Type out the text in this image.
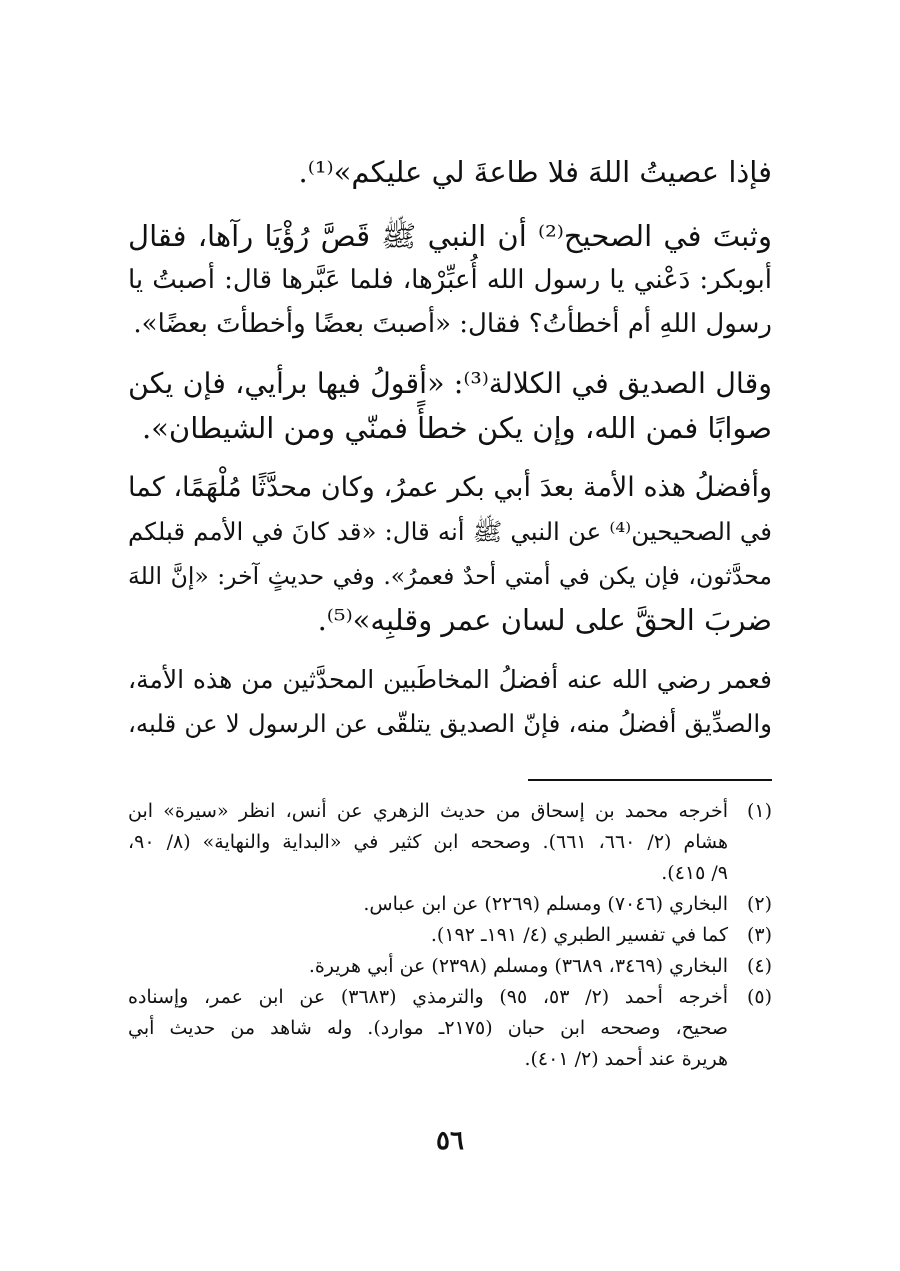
فإذا عصيتُ اللهَ فلا طاعةَ لي عليكم»⁽¹⁾.
وثبتَ في الصحيح⁽²⁾ أن النبي ﷺ قَصَّ رُؤْيَا رآها، فقال
أبوبكر: دَعْني يا رسول الله أُعبِّرْها، فلما عَبَّرها قال: أصبتُ يا
رسول اللهِ أم أخطأتُ؟ فقال: «أصبتَ بعضًا وأخطأتَ بعضًا».
وقال الصديق في الكلالة⁽³⁾: «أقولُ فيها برأيي، فإن يكن
صوابًا فمن الله، وإن يكن خطأً فمنّي ومن الشيطان».
وأفضلُ هذه الأمة بعدَ أبي بكر عمرُ، وكان محدَّثًا مُلْهَمًا، كما
في الصحيحين⁽⁴⁾ عن النبي ﷺ أنه قال: «قد كانَ في الأمم قبلكم
محدَّثون، فإن يكن في أمتي أحدٌ فعمرُ». وفي حديثٍ آخر: «إنَّ اللهَ
ضربَ الحقَّ على لسان عمر وقلبِه»⁽⁵⁾.
فعمر رضي الله عنه أفضلُ المخاطَبين المحدَّثين من هذه الأمة،
والصدِّيق أفضلُ منه، فإنّ الصديق يتلقّى عن الرسول لا عن قلبه،
(١)
أخرجه محمد بن إسحاق من حديث الزهري عن أنس، انظر «سيرة» ابن
هشام (٢/ ٦٦٠، ٦٦١). وصححه ابن كثير في «البداية والنهاية» (٨/ ٩٠،
٩/ ٤١٥).
(٢)
البخاري (٧٠٤٦) ومسلم (٢٢٦٩) عن ابن عباس.
(٣)
كما في تفسير الطبري (٤/ ١٩١ـ ١٩٢).
(٤)
البخاري (٣٤٦٩، ٣٦٨٩) ومسلم (٢٣٩٨) عن أبي هريرة.
(٥)
أخرجه أحمد (٢/ ٥٣، ٩٥) والترمذي (٣٦٨٣) عن ابن عمر، وإسناده
صحيح، وصححه ابن حبان (٢١٧٥ـ موارد). وله شاهد من حديث أبي
هريرة عند أحمد (٢/ ٤٠١).
٥٦
